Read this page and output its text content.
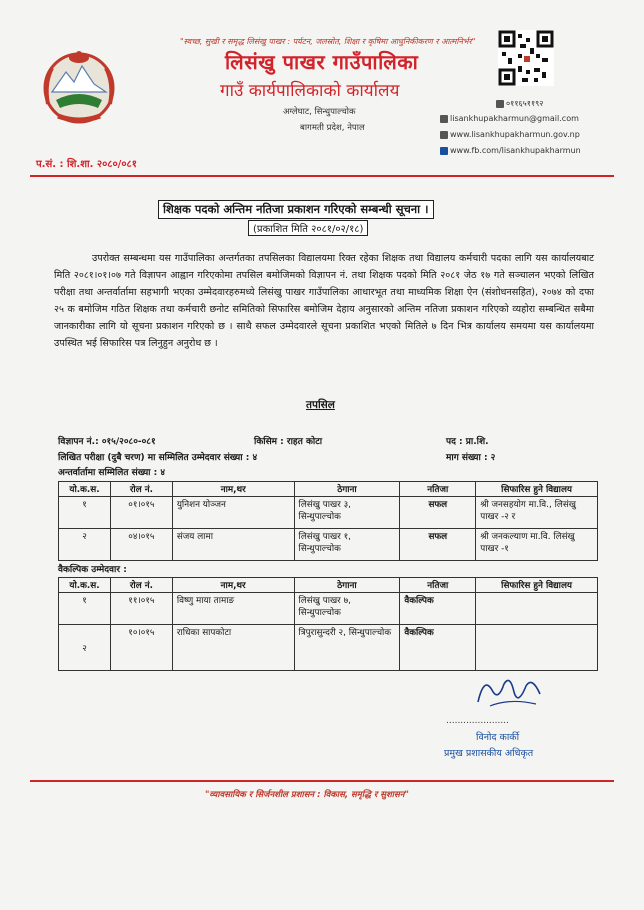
"स्वच्छ, सुखी र समृद्ध लिसंखु पाखर : पर्यटन, जलस्रोत, शिक्षा र कृषिमा आधुनिकीकरण र आत्मनिर्भर"
लिसंखु पाखर गाउँपालिका
गाउँ कार्यपालिकाको कार्यालय
अग्लेघाट, सिन्धुपाल्चोक
बागमती प्रदेश, नेपाल
०११६५११९२
lisankhupakharmun@gmail.com
www.lisankhupakharmun.gov.np
www.fb.com/lisankhupakharmun
प.सं. : शि.शा. २०८०/०८१
शिक्षक पदको अन्तिम नतिजा प्रकाशन गरिएको सम्बन्धी सूचना ।
(प्रकाशित मिति २०८१/०२/१८)
उपरोक्त सम्बन्धमा यस गाउँपालिका अन्तर्गतका तपसिलका विद्यालयमा रिक्त रहेका शिक्षक तथा विद्यालय कर्मचारी पदका लागि यस कार्यालयबाट मिति २०८१।०१।०७ गते विज्ञापन आह्वान गरिएकोमा तपसिल बमोजिमको विज्ञापन नं. तथा शिक्षक पदको मिति २०८१ जेठ १७ गते सञ्चालन भएको लिखित परीक्षा तथा अन्तर्वार्तामा सहभागी भएका उम्मेदवारहरुमध्ये लिसंखु पाखर गाउँपालिका आधारभूत तथा माध्यमिक शिक्षा ऐन (संशोधनसहित), २०७४ को दफा २५ क बमोजिम गठित शिक्षक तथा कर्मचारी छनोट समितिको सिफारिस बमोजिम देहाय अनुसारको अन्तिम नतिजा प्रकाशन गरिएको व्यहोरा सम्बन्धित सबैमा जानकारीका लागि यो सूचना प्रकाशन गरिएको छ । साथै सफल उम्मेदवारले सूचना प्रकाशित भएको मितिले ७ दिन भित्र कार्यालय समयमा यस कार्यालयमा उपस्थित भई सिफारिस पत्र लिनुहुन अनुरोध छ ।
तपसिल
विज्ञापन नं.: ०१५/२०८०-०८१	किसिम : राहत कोटा	पद : प्रा.शि.
लिखित परीक्षा (दुबै चरण) मा सम्मिलित उम्मेदवार संख्या : ४	माग संख्या : २
अन्तर्वार्तामा सम्मिलित संख्या : ४
यो.क.स.	रोल नं.	नाम,थर	ठेगाना	नतिजा	सिफारिस हुने विद्यालय
१	०१।०१५	युनिशन योञ्जन	लिसंखु पाखर ३, सिन्धुपाल्चोक	सफल	श्री जनसहयोग मा.वि., लिसंखु पाखर -२ र
२	०४।०१५	संजय लामा	लिसंखु पाखर १, सिन्धुपाल्चोक	सफल	श्री जनकल्याण मा.वि. लिसंखु पाखर -१
वैकल्पिक उम्मेदवार :
यो.क.स.	रोल नं.	नाम,थर	ठेगाना	नतिजा	सिफारिस हुने विद्यालय
१	११।०१५	विष्णु माया तामाङ	लिसंखु पाखर ७, सिन्धुपाल्चोक	वैकल्पिक	
२	१०।०१५	राधिका सापकोटा	त्रिपुरासुन्दरी २, सिन्धुपाल्चोक	वैकल्पिक	
......................
विनोद कार्की
प्रमुख प्रशासकीय अधिकृत
"व्यावसायिक र सिर्जनशील प्रशासन : विकास, समृद्धि र सुशासन"
